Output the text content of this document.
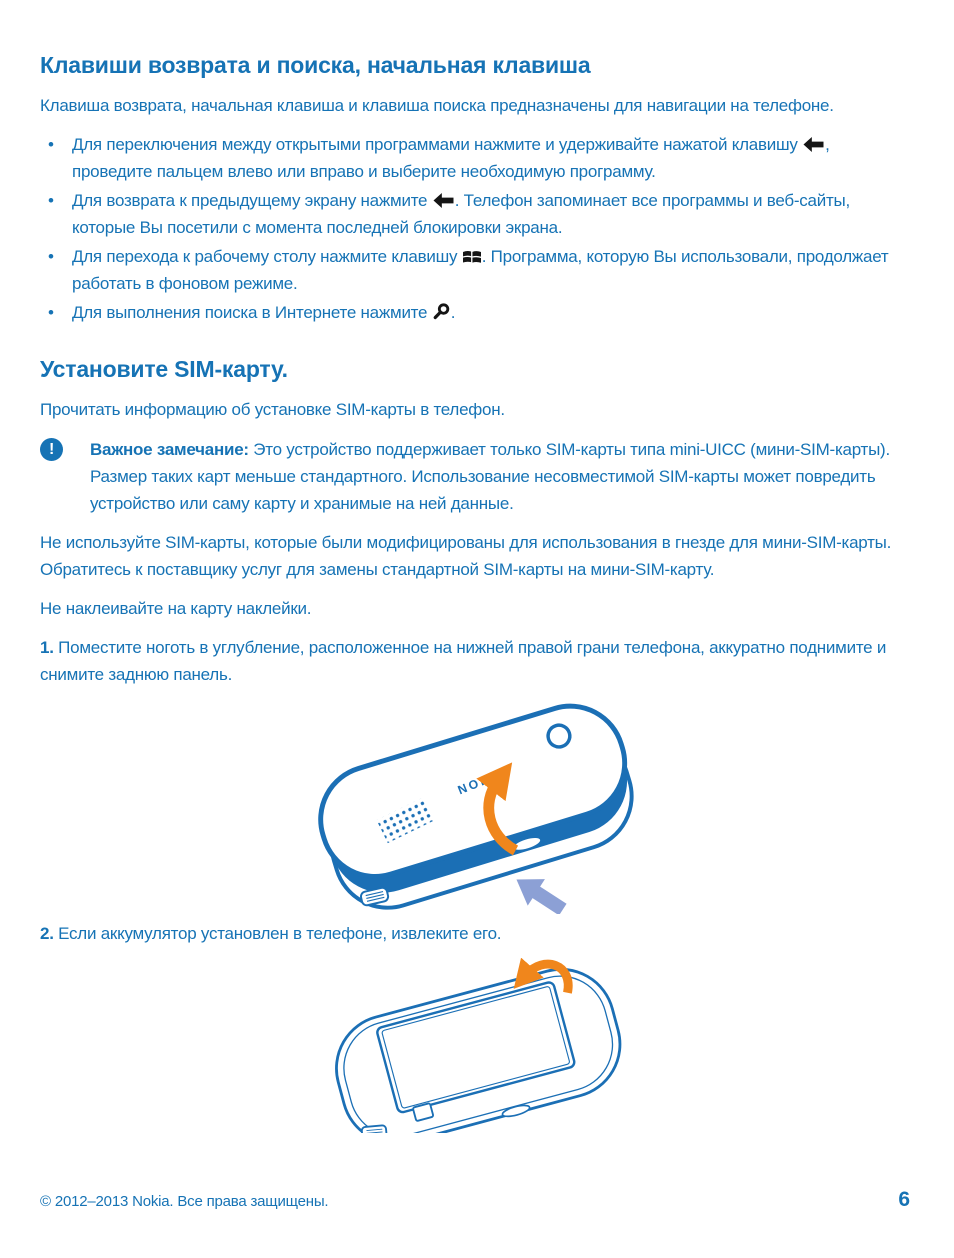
Клавиши возврата и поиска, начальная клавиша

Клавиша возврата, начальная клавиша и клавиша поиска предназначены для навигации на телефоне.

•	Для переключения между открытыми программами нажмите и удерживайте нажатой клавишу , проведите пальцем влево или вправо и выберите необходимую программу.
•	Для возврата к предыдущему экрану нажмите . Телефон запоминает все программы и веб-сайты, которые Вы посетили с момента последней блокировки экрана.
•	Для перехода к рабочему столу нажмите клавишу . Программа, которую Вы использовали, продолжает работать в фоновом режиме.
•	Для выполнения поиска в Интернете нажмите .
Установите SIM-карту.

Прочитать информацию об установке SIM-карты в телефон.

!	Важное замечание: Это устройство поддерживает только SIM-карты типа mini-UICC (мини-SIM-карты). Размер таких карт меньше стандартного. Использование несовместимой SIM-карты может повредить устройство или саму карту и хранимые на ней данные.

Не используйте SIM-карты, которые были модифицированы для использования в гнезде для мини-SIM-карты. Обратитесь к поставщику услуг для замены стандартной SIM-карты на мини-SIM-карту.

Не наклеивайте на карту наклейки.

1. Поместите ноготь в углубление, расположенное на нижней правой грани телефона, аккуратно поднимите и снимите заднюю панель.

NOKIA

2. Если аккумулятор установлен в телефоне, извлеките его.

© 2012–2013 Nokia. Все права защищены.	6
